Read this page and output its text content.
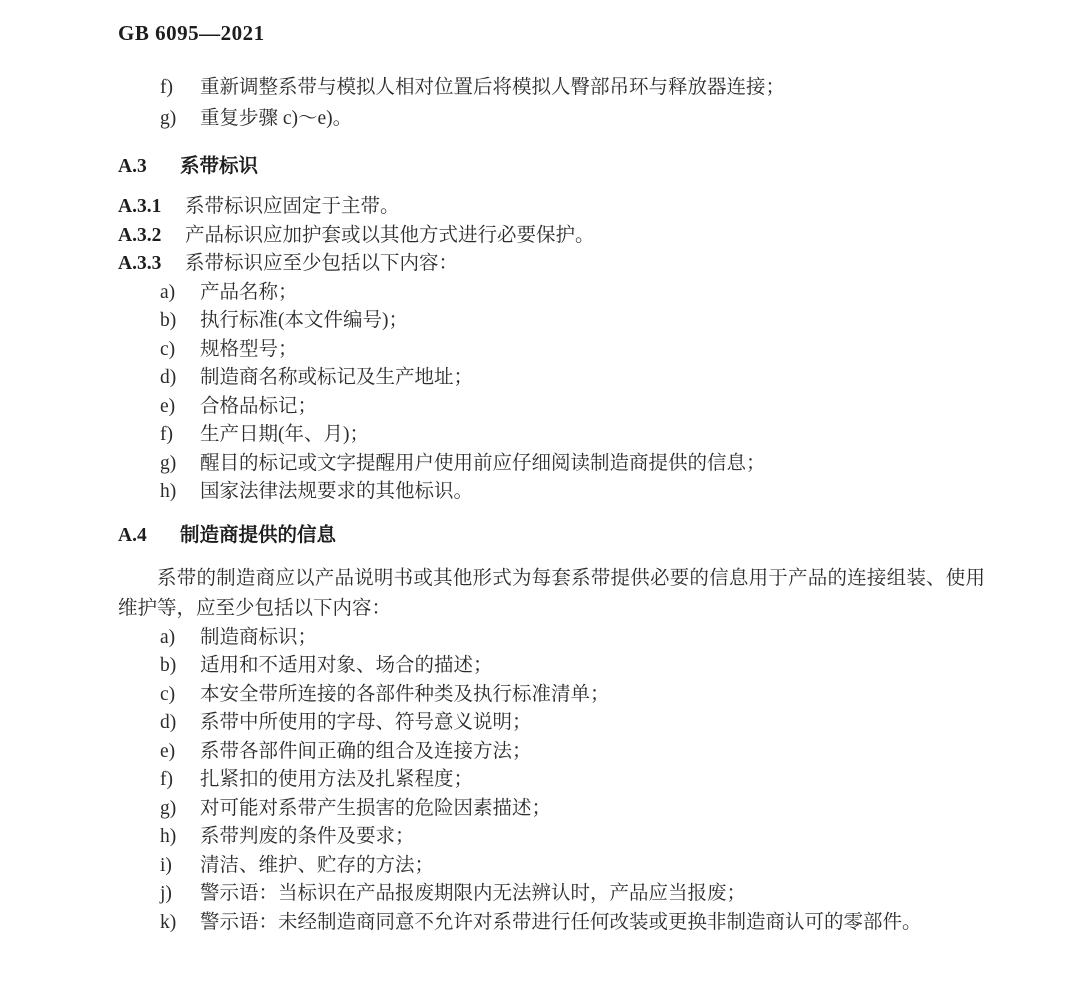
GB 6095—2021
f) 重新调整系带与模拟人相对位置后将模拟人臀部吊环与释放器连接；
g) 重复步骤 c)～e)。
A.3 系带标识
A.3.1 系带标识应固定于主带。
A.3.2 产品标识应加护套或以其他方式进行必要保护。
A.3.3 系带标识应至少包括以下内容：
a) 产品名称；
b) 执行标准(本文件编号)；
c) 规格型号；
d) 制造商名称或标记及生产地址；
e) 合格品标记；
f) 生产日期(年、月)；
g) 醒目的标记或文字提醒用户使用前应仔细阅读制造商提供的信息；
h) 国家法律法规要求的其他标识。
A.4 制造商提供的信息

系带的制造商应以产品说明书或其他形式为每套系带提供必要的信息用于产品的连接组装、使用维护等，应至少包括以下内容：

a) 制造商标识；
b) 适用和不适用对象、场合的描述；
c) 本安全带所连接的各部件种类及执行标准清单；
d) 系带中所使用的字母、符号意义说明；
e) 系带各部件间正确的组合及连接方法；
f) 扎紧扣的使用方法及扎紧程度；
g) 对可能对系带产生损害的危险因素描述；
h) 系带判废的条件及要求；
i) 清洁、维护、贮存的方法；
j) 警示语：当标识在产品报废期限内无法辨认时，产品应当报废；
k) 警示语：未经制造商同意不允许对系带进行任何改装或更换非制造商认可的零部件。
